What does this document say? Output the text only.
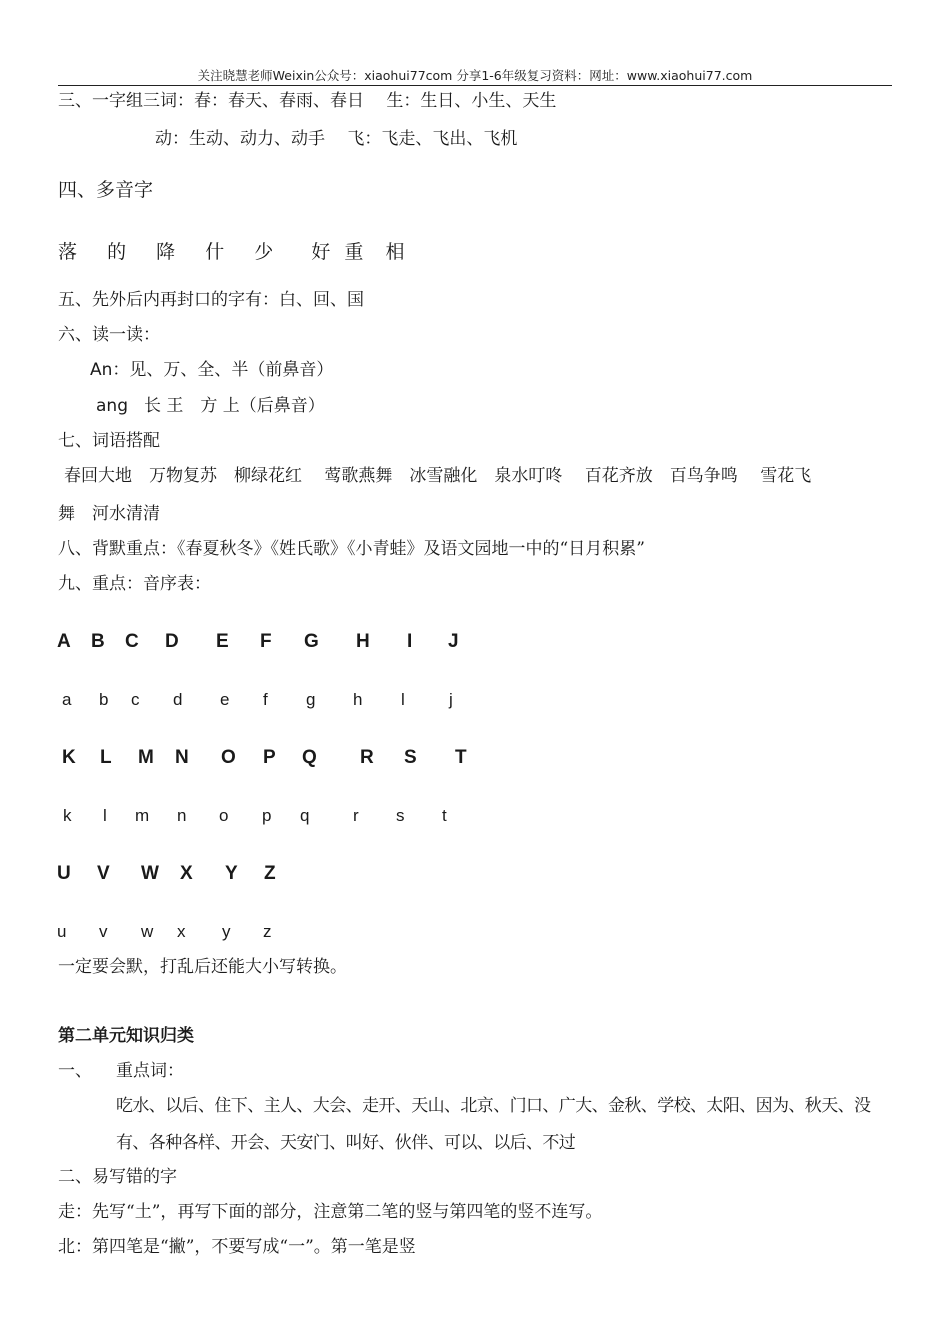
关注晓慧老师Weixin公众号：xiaohui77com 分享1-6年级复习资料：网址：www.xiaohui77.com
三、一字组三词：春：春天、春雨、春日　 生：生日、小生、天生
动：生动、动力、动手　 飞：飞走、飞出、飞机
四、多音字
落 的 降 什 少 好 重 相
五、先外后内再封口的字有：白、回、国
六、读一读：
An：见、万、全、半（前鼻音）
ang 长 王　方 上（后鼻音）
七、词语搭配
春回大地　万物复苏　柳绿花红　 莺歌燕舞　冰雪融化　泉水叮咚　 百花齐放　百鸟争鸣　 雪花飞
舞　河水清清
八、背默重点：《春夏秋冬》《姓氏歌》《小青蛙》及语文园地一中的“日月积累”
九、重点：音序表：
A B C D E F G H I J
a b c d e f g h l	j
K L M N O P Q R S T
k l m n o p q	r s t
U V W X Y Z
u v w x y z
一定要会默，打乱后还能大小写转换。
第二单元知识归类
一、 重点词：
吃水、以后、住下、主人、大会、走开、天山、北京、门口、广大、金秋、学校、太阳、因为、秋天、没有、各种各样、开会、天安门、叫好、伙伴、可以、以后、不过
二、易写错的字
走：先写“土”，再写下面的部分，注意第二笔的竖与第四笔的竖不连写。
北：第四笔是“撇”，不要写成“一”。第一笔是竖
